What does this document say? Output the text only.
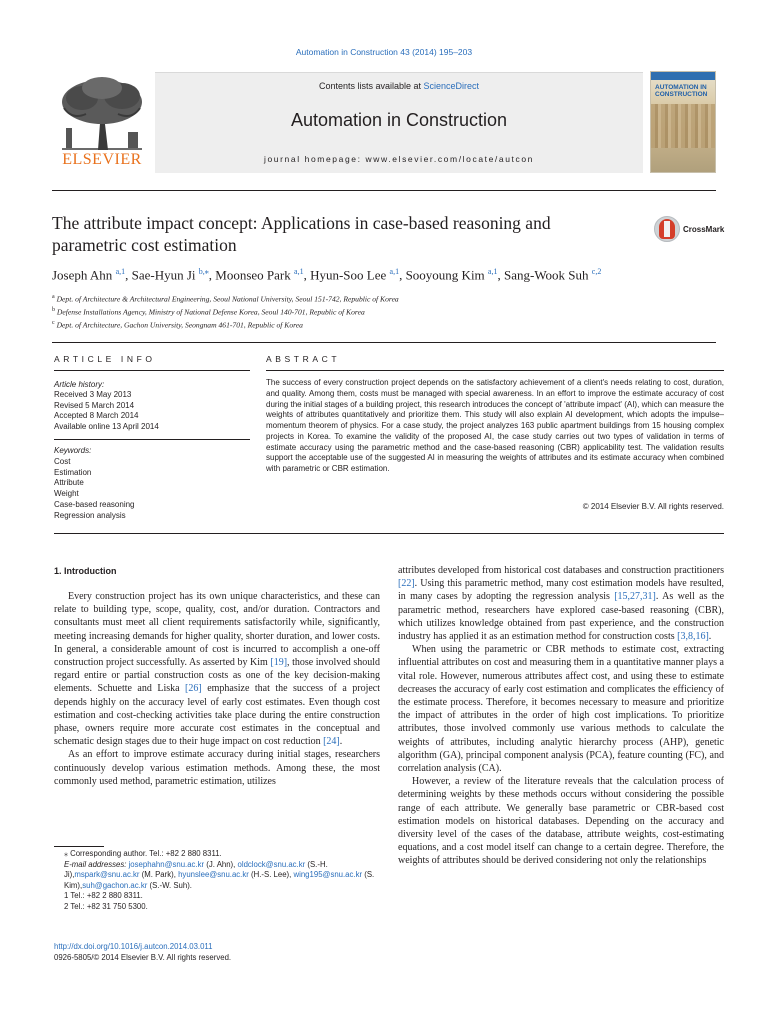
Automation in Construction 43 (2014) 195–203
ELSEVIER
Contents lists available at ScienceDirect
Automation in Construction
journal homepage: www.elsevier.com/locate/autcon
AUTOMATION IN CONSTRUCTION
The attribute impact concept: Applications in case-based reasoning and
parametric cost estimation
CrossMark
Joseph Ahn $^{a,1}$, Sae-Hyun Ji $^{b,⁎}$, Moonseo Park $^{a,1}$, Hyun-Soo Lee $^{a,1}$, Sooyoung Kim $^{a,1}$, Sang-Wook Suh $^{c,2}$
$^a$ Dept. of Architecture & Architectural Engineering, Seoul National University, Seoul 151-742, Republic of Korea
$^b$ Defense Installations Agency, Ministry of National Defense Korea, Seoul 140-701, Republic of Korea
$^c$ Dept. of Architecture, Gachon University, Seongnam 461-701, Republic of Korea
ARTICLE INFO	ABSTRACT
Article history:
Received 3 May 2013
Revised 5 March 2014
Accepted 8 March 2014
Available online 13 April 2014
Keywords:
Cost
Estimation
Attribute
Weight
Case-based reasoning
Regression analysis
The success of every construction project depends on the satisfactory achievement of a client's needs relating to cost, duration, and quality. Among them, costs must be managed with special awareness. In an effort to improve the estimate accuracy of cost during the initial stages of a building project, this research introduces the concept of 'attribute impact' (AI), which can measure the weights of attributes quantitatively and prioritize them. This study will also explain AI development, which adopts the impulse–momentum theorem of physics. For a case study, the project analyzes 163 public apartment buildings from 15 housing complex projects in Korea. To examine the validity of the proposed AI, the case study carries out two types of validation in terms of estimate accuracy using the parametric method and the case-based reasoning (CBR) applicability test. The validation results support the acceptable use of the suggested AI in measuring the weights of attributes and its estimate accuracy when combined with parametric or CBR estimation.
© 2014 Elsevier B.V. All rights reserved.
1. Introduction

Every construction project has its own unique characteristics, and these can relate to building type, scope, quality, cost, and/or duration. Contractors and consultants must meet all client requirements satisfactorily while, significantly, meeting increasing demands for higher quality, shorter duration, and lower costs. In general, a considerable amount of cost is incurred to accomplish a one-off construction project successfully. As asserted by Kim [19], those involved should regard entire or partial construction costs as one of the key decision-making elements. Schuette and Liska [26] emphasize that the success of a project depends highly on the accuracy level of early cost estimates. Even though cost estimation and cost-checking activities take place during the entire construction phase, owners require more accurate cost estimates in the conceptual and schematic design stages due to their huge impact on cost reduction [24].

As an effort to improve estimate accuracy during initial stages, researchers continuously develop various estimation methods. Among these, the most commonly used method, parametric estimation, utilizes

attributes developed from historical cost databases and construction practitioners [22]. Using this parametric method, many cost estimation models have resulted, in many cases by adopting the regression analysis [15,27,31]. As well as the parametric method, researchers have explored case-based reasoning (CBR), which utilizes knowledge obtained from past experience, and the construction industry has applied it as an estimation method for construction costs [3,8,16].

When using the parametric or CBR methods to estimate cost, extracting influential attributes on cost and measuring them in a quantitative manner plays a vital role. However, numerous attributes affect cost, and using these to estimate decreases the accuracy of early cost estimation and complicates the efficiency of the estimate process. Therefore, it becomes necessary to measure and prioritize the impact of attributes in the order of high cost implications. To prioritize attributes, those involved commonly use various methods to calculate the weights of attributes, including analytic hierarchy process (AHP), genetic algorithm (GA), principal component analysis (PCA), feature counting (FC), and correlation analysis (CA).

However, a review of the literature reveals that the calculation process of determining weights by these methods occurs without considering the possible range of each attribute. We generally base parametric or CBR-based cost estimation models on historical databases. Depending on the accuracy and diversity level of the cases of the database, attribute weights, cost-estimating equations, and a cost model itself can change to a certain degree. Therefore, the weights of attributes should be derived considering not only the relationships

⁎ Corresponding author. Tel.: +82 2 880 8311.
E-mail addresses: josephahn@snu.ac.kr (J. Ahn), oldclock@snu.ac.kr (S.-H. Ji),mspark@snu.ac.kr (M. Park), hyunslee@snu.ac.kr (H.-S. Lee), wing195@snu.ac.kr (S. Kim),suh@gachon.ac.kr (S.-W. Suh).
1 Tel.: +82 2 880 8311.
2 Tel.: +82 31 750 5300.
http://dx.doi.org/10.1016/j.autcon.2014.03.011
0926-5805/© 2014 Elsevier B.V. All rights reserved.
